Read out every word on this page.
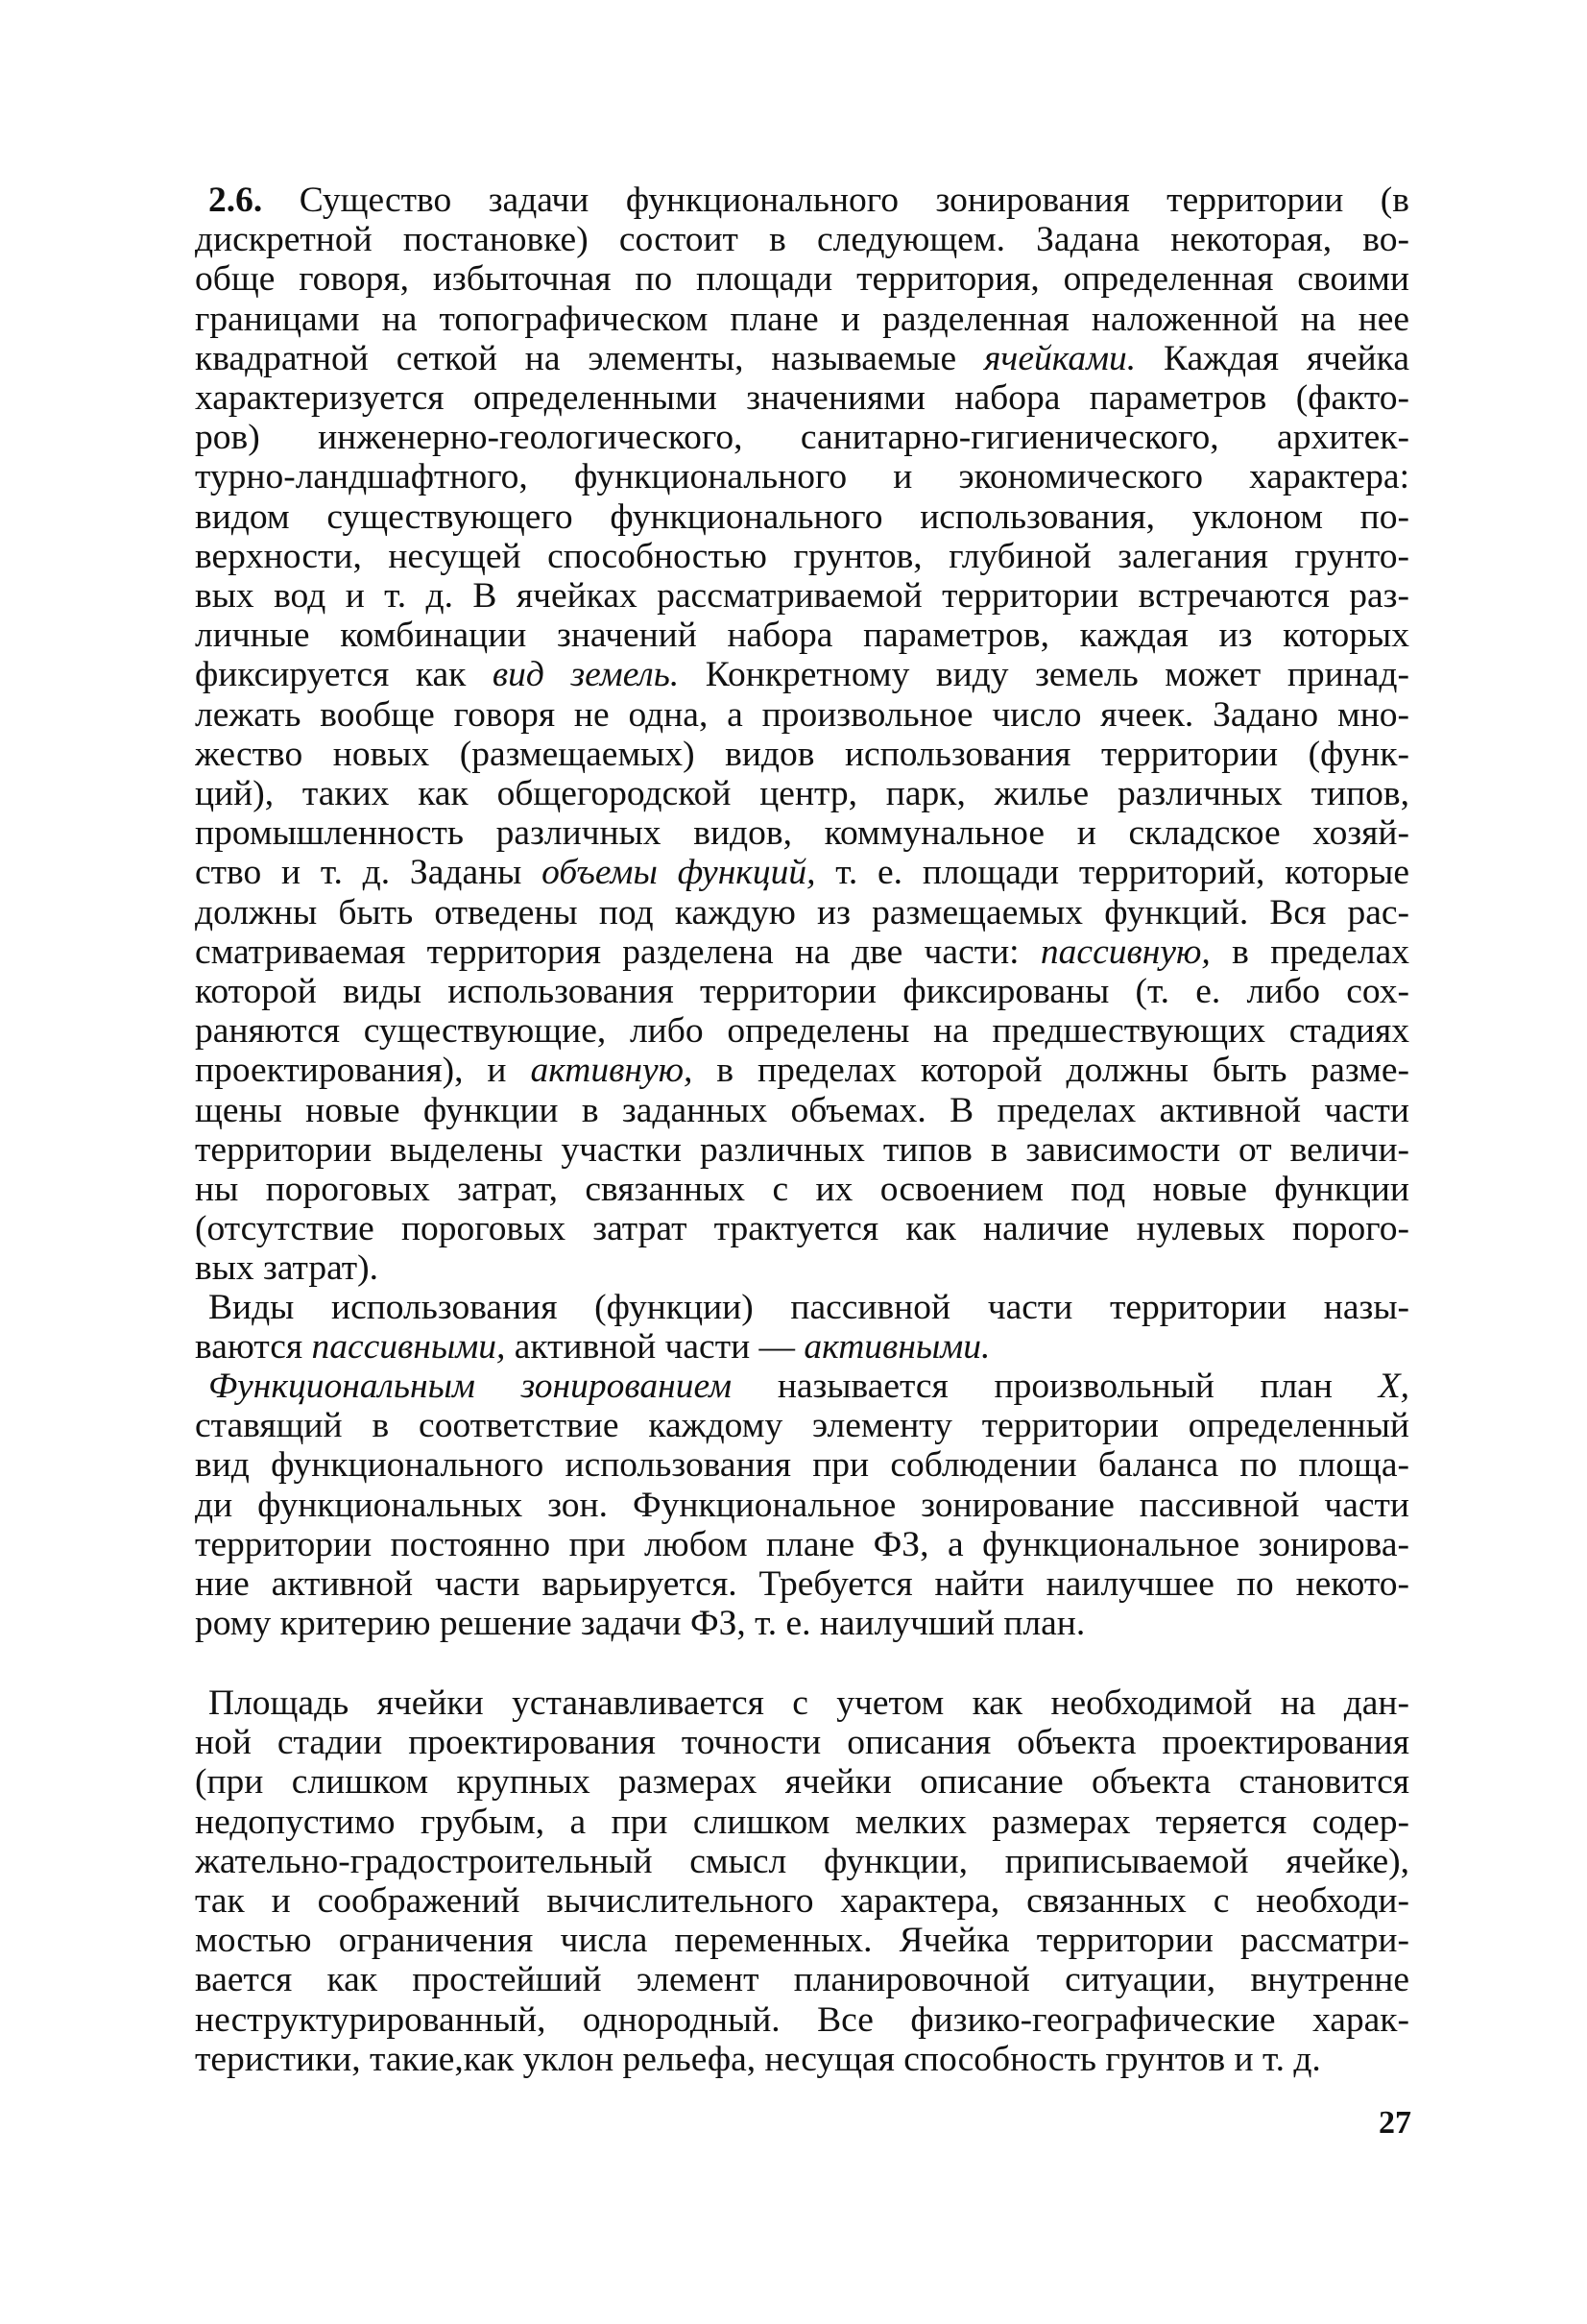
2.6. Существо задачи функционального зонирования территории (в
дискретной постановке) состоит в следующем. Задана некоторая, во-
обще говоря, избыточная по площади территория, определенная своими
границами на топографическом плане и разделенная наложенной на нее
квадратной сеткой на элементы, называемые ячейками. Каждая ячейка
характеризуется определенными значениями набора параметров (факто-
ров) инженерно-геологического, санитарно-гигиенического, архитек-
турно-ландшафтного, функционального и экономического характера:
видом существующего функционального использования, уклоном по-
верхности, несущей способностью грунтов, глубиной залегания грунто-
вых вод и т. д. В ячейках рассматриваемой территории встречаются раз-
личные комбинации значений набора параметров, каждая из которых
фиксируется как вид земель. Конкретному виду земель может принад-
лежать вообще говоря не одна, а произвольное число ячеек. Задано мно-
жество новых (размещаемых) видов использования территории (функ-
ций), таких как общегородской центр, парк, жилье различных типов,
промышленность различных видов, коммунальное и складское хозяй-
ство и т. д. Заданы объемы функций, т. е. площади территорий, которые
должны быть отведены под каждую из размещаемых функций. Вся рас-
сматриваемая территория разделена на две части: пассивную, в пределах
которой виды использования территории фиксированы (т. е. либо сох-
раняются существующие, либо определены на предшествующих стадиях
проектирования), и активную, в пределах которой должны быть разме-
щены новые функции в заданных объемах. В пределах активной части
территории выделены участки различных типов в зависимости от величи-
ны пороговых затрат, связанных с их освоением под новые функции
(отсутствие пороговых затрат трактуется как наличие нулевых порого-
вых затрат).
Виды использования (функции) пассивной части территории назы-
ваются пассивными, активной части — активными.
Функциональным зонированием называется произвольный план X,
ставящий в соответствие каждому элементу территории определенный
вид функционального использования при соблюдении баланса по площа-
ди функциональных зон. Функциональное зонирование пассивной части
территории постоянно при любом плане ФЗ, а функциональное зонирова-
ние активной части варьируется. Требуется найти наилучшее по некото-
рому критерию решение задачи ФЗ, т. е. наилучший план.
Площадь ячейки устанавливается с учетом как необходимой на дан-
ной стадии проектирования точности описания объекта проектирования
(при слишком крупных размерах ячейки описание объекта становится
недопустимо грубым, а при слишком мелких размерах теряется содер-
жательно-градостроительный смысл функции, приписываемой ячейке),
так и соображений вычислительного характера, связанных с необходи-
мостью ограничения числа переменных. Ячейка территории рассматри-
вается как простейший элемент планировочной ситуации, внутренне
неструктурированный, однородный. Все физико-географические харак-
теристики, такие,как уклон рельефа, несущая способность грунтов и т. д.
27
